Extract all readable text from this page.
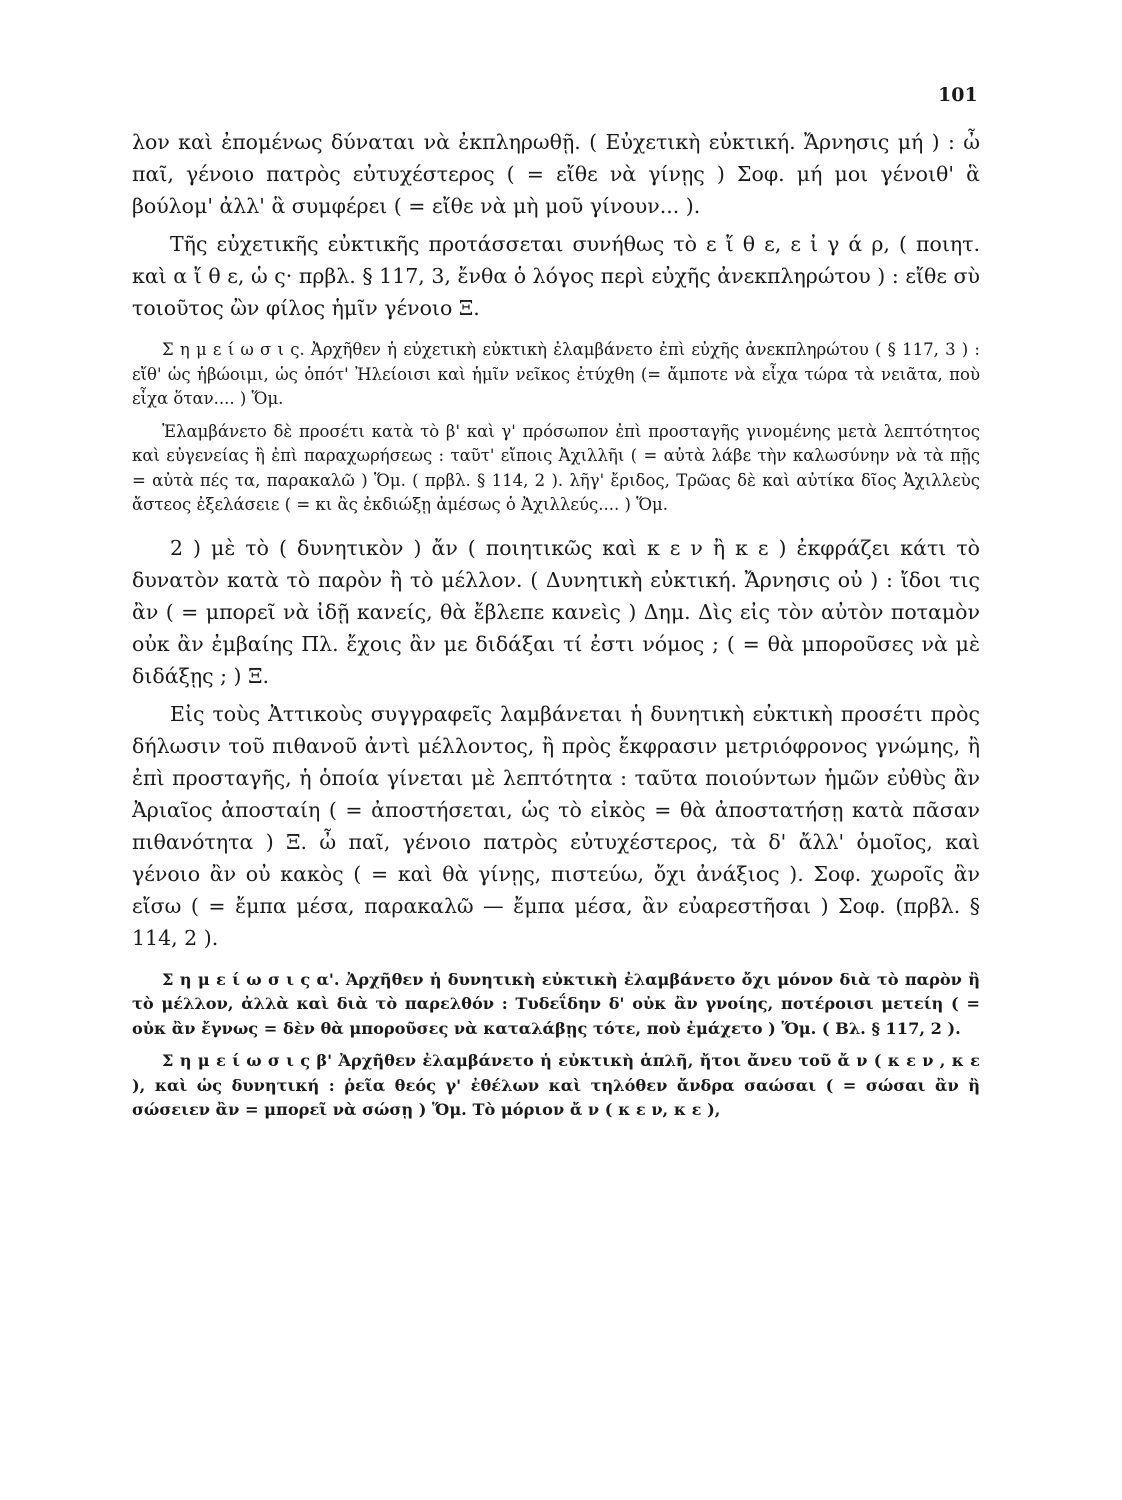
101

λον καὶ ἐπομένως δύναται νὰ ἐκπληρωθῇ. ( Εὐχετικὴ εὐκτική. Ἄρνησις μή ) : ὦ παῖ, γένοιο πατρὸς εὐτυχέστερος ( = εἴθε νὰ γίνῃς ) Σοφ. μή μοι γένοιθ' ἃ βούλομ' ἀλλ' ἃ συμφέρει ( = εἴθε νὰ μὴ μοῦ γίνουν... ).

Τῆς εὐχετικῆς εὐκτικῆς προτάσσεται συνήθως τὸ ε ἴ θ ε, ε ἰ γ ά ρ, ( ποιητ. καὶ α ἴ θ ε, ὡ ς· πρβλ. § 117, 3, ἔνθα ὁ λόγος περὶ εὐχῆς ἀνεκπληρώτου ) : εἴθε σὺ τοιοῦτος ὢν φίλος ἡμῖν γένοιο Ξ.

Σ η μ ε ί ω σ ι ς. Ἀρχῆθεν ἡ εὐχετικὴ εὐκτικὴ ἐλαμβάνετο ἐπὶ εὐχῆς ἀνεκπληρώτου ( § 117, 3 ) : εἴθ' ὡς ἡβώοιμι, ὡς ὁπότ' Ἠλείοισι καὶ ἡμῖν νεῖκος ἐτύχθη (= ἄμποτε νὰ εἶχα τώρα τὰ νειᾶτα, ποὺ εἶχα ὅταν.... ) Ὅμ.

Ἐλαμβάνετο δὲ προσέτι κατὰ τὸ β' καὶ γ' πρόσωπον ἐπὶ προσταγῆς γινομένης μετὰ λεπτότητος καὶ εὐγενείας ἢ ἐπὶ παραχωρήσεως : ταῦτ' εἴποις Ἀχιλλῆι ( = αὐτὰ λάβε τὴν καλωσύνην νὰ τὰ πῇς = αὐτὰ πές τα, παρακαλῶ ) Ὅμ. ( πρβλ. § 114, 2 ). λῆγ' ἔριδος, Τρῶας δὲ καὶ αὐτίκα δῖος Ἀχιλλεὺς ἄστεος ἐξελάσειε ( = κι ἂς ἐκδιώξῃ ἀμέσως ὁ Ἀχιλλεύς.... ) Ὅμ.

2 ) μὲ τὸ ( δυνητικὸν ) ἄν ( ποιητικῶς καὶ κ ε ν ἢ κ ε ) ἐκφράζει κάτι τὸ δυνατὸν κατὰ τὸ παρὸν ἢ τὸ μέλλον. ( Δυνητικὴ εὐκτική. Ἄρνησις οὐ ) : ἴδοι τις ἂν ( = μπορεῖ νὰ ἰδῇ κανείς, θὰ ἔβλεπε κανεὶς ) Δημ. Δὶς εἰς τὸν αὐτὸν ποταμὸν οὐκ ἂν ἐμβαίης Πλ. ἔχοις ἂν με διδάξαι τί ἐστι νόμος ; ( = θὰ μποροῦσες νὰ μὲ διδάξῃς ; ) Ξ.

Εἰς τοὺς Ἀττικοὺς συγγραφεῖς λαμβάνεται ἡ δυνητικὴ εὐκτικὴ προσέτι πρὸς δήλωσιν τοῦ πιθανοῦ ἀντὶ μέλλοντος, ἢ πρὸς ἔκφρασιν μετριόφρονος γνώμης, ἢ ἐπὶ προσταγῆς, ἡ ὁποία γίνεται μὲ λεπτότητα : ταῦτα ποιούντων ἡμῶν εὐθὺς ἂν Ἀριαῖος ἀποσταίη ( = ἀποστήσεται, ὡς τὸ εἰκὸς = θὰ ἀποστατήσῃ κατὰ πᾶσαν πιθανότητα ) Ξ. ὦ παῖ, γένοιο πατρὸς εὐτυχέστερος, τὰ δ' ἄλλ' ὁμοῖος, καὶ γένοιο ἂν οὐ κακὸς ( = καὶ θὰ γίνῃς, πιστεύω, ὄχι ἀνάξιος ). Σοφ. χωροῖς ἂν εἴσω ( = ἔμπα μέσα, παρακαλῶ — ἔμπα μέσα, ἂν εὐαρεστῆσαι ) Σοφ. (πρβλ. § 114, 2 ).

Σ η μ ε ί ω σ ι ς α'. Ἀρχῆθεν ἡ δυνητικὴ εὐκτικὴ ἐλαμβάνετο ὄχι μόνον διὰ τὸ παρὸν ἢ τὸ μέλλον, ἀλλὰ καὶ διὰ τὸ παρελθόν : Τυδεΐδην δ' οὐκ ἂν γνοίης, ποτέροισι μετείη ( = οὐκ ἂν ἔγνως = δὲν θὰ μποροῦσες νὰ καταλάβῃς τότε, ποὺ ἐμάχετο ) Ὅμ. ( Βλ. § 117, 2 ).

Σ η μ ε ί ω σ ι ς β' Ἀρχῆθεν ἐλαμβάνετο ἡ εὐκτικὴ ἁπλῆ, ἤτοι ἄνευ τοῦ ἄ ν ( κ ε ν , κ ε ), καὶ ὡς δυνητική : ῥεῖα θεός γ' ἐθέλων καὶ τηλόθεν ἄνδρα σαώσαι ( = σώσαι ἂν ἢ σώσειεν ἂν = μπορεῖ νὰ σώσῃ ) Ὅμ. Τὸ μόριον ἄ ν ( κ ε ν, κ ε ),
